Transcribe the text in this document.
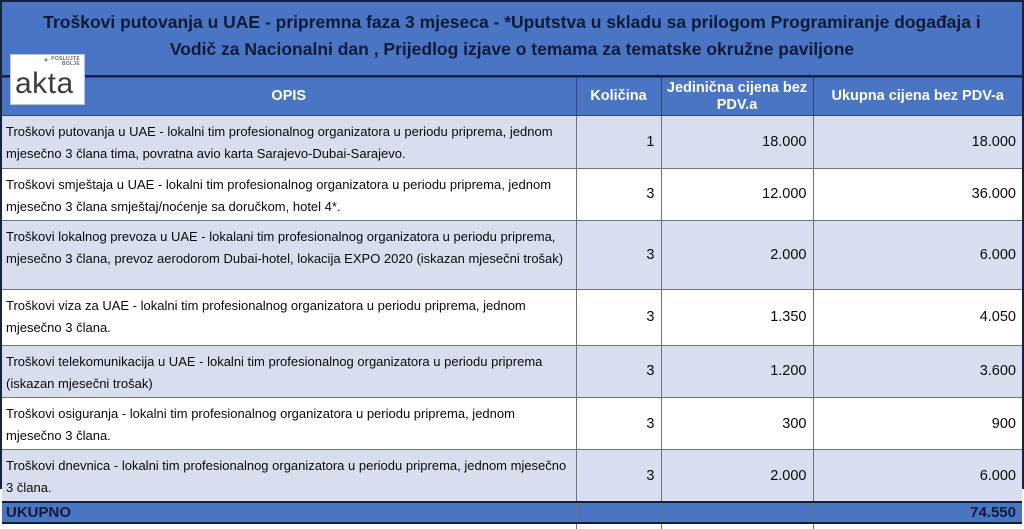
Troškovi putovanja u UAE - pripremna faza 3 mjeseca - *Uputstva u skladu sa prilogom Programiranje događaja i
Vodič za Nacionalni dan , Prijedlog izjave o temama za tematske okružne paviljone
▲ POSLUJTE
BOLJE
akta	OPIS	Količina	Jedinična cijena bez PDV.a	Ukupna cijena bez PDV-a
Troškovi putovanja u UAE - lokalni tim profesionalnog organizatora u periodu priprema, jednom mjesečno 3 člana tima, povratna avio karta Sarajevo-Dubai-Sarajevo.	1	18.000	18.000
Troškovi smještaja u UAE - lokalni tim profesionalnog organizatora u periodu priprema, jednom mjesečno 3 člana smještaj/noćenje sa doručkom, hotel 4*.	3	12.000	36.000
Troškovi lokalnog prevoza u UAE - lokalani tim profesionalnog organizatora u periodu priprema, mjesečno 3 člana, prevoz aerodorom Dubai-hotel, lokacija EXPO 2020 (iskazan mjesečni trošak)	3	2.000	6.000
Troškovi viza za UAE - lokalni tim profesionalnog organizatora u periodu priprema, jednom mjesečno 3 člana.	3	1.350	4.050
Troškovi telekomunikacija u UAE - lokalni tim profesionalnog organizatora u periodu priprema (iskazan mjesečni trošak)	3	1.200	3.600
Troškovi osiguranja - lokalni tim profesionalnog organizatora u periodu priprema, jednom mjesečno 3 člana.	3	300	900
Troškovi dnevnica - lokalni tim profesionalnog organizatora u periodu priprema, jednom mjesečno 3 člana.	3	2.000	6.000
UKUPNO			74.550
